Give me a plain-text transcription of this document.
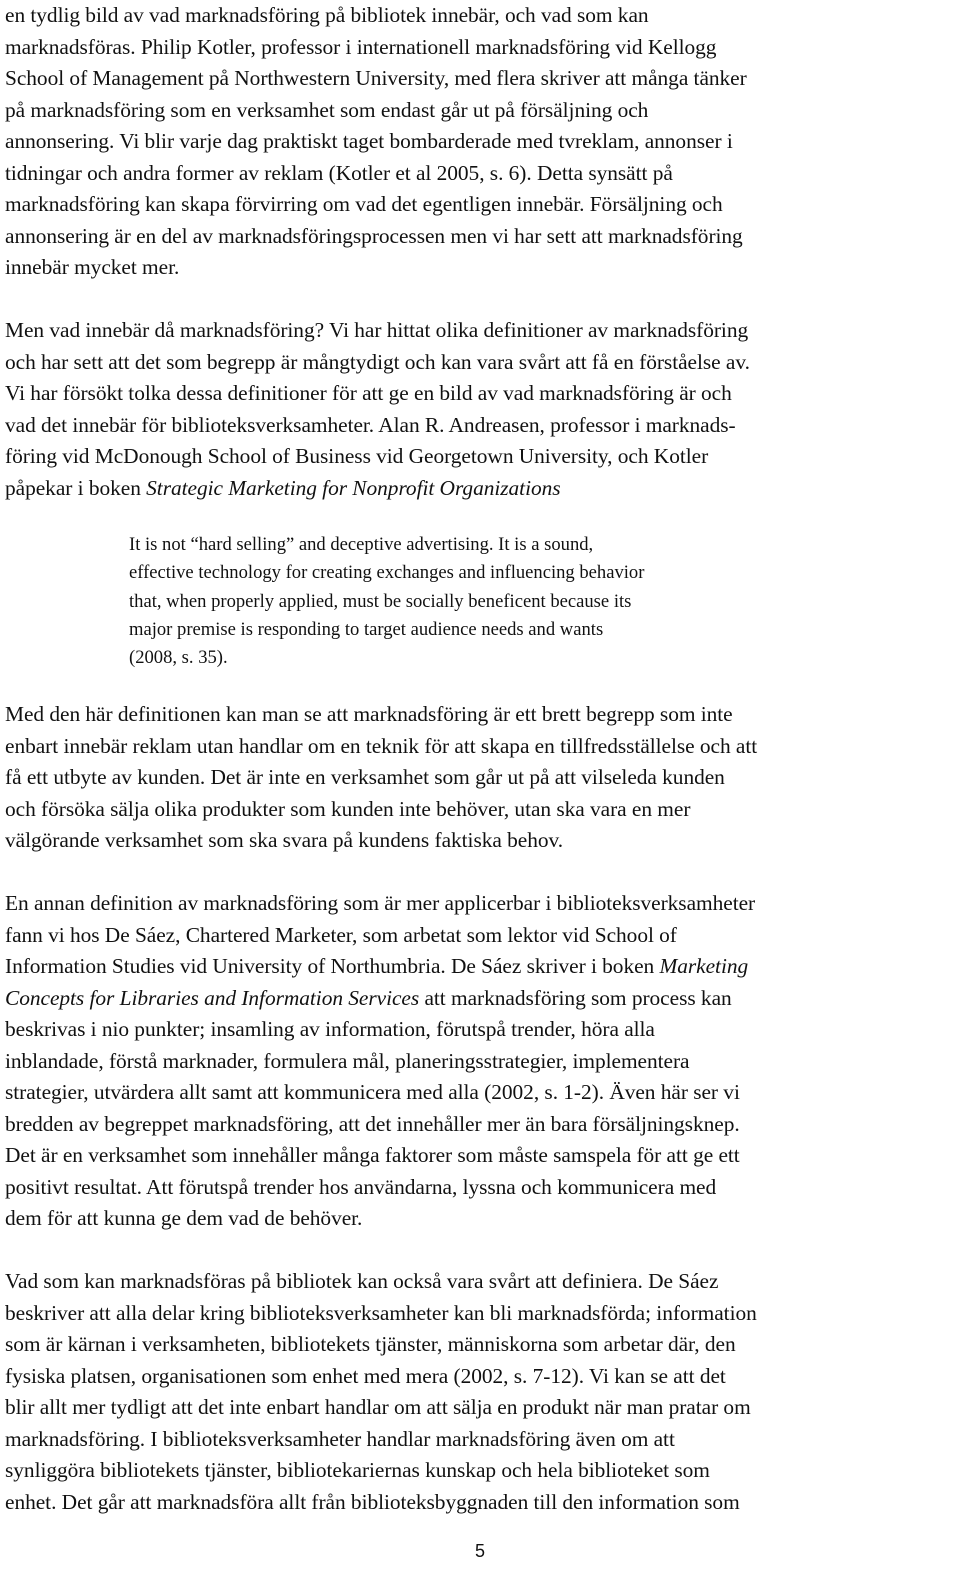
en tydlig bild av vad marknadsföring på bibliotek innebär, och vad som kan
marknadsföras. Philip Kotler, professor i internationell marknadsföring vid Kellogg
School of Management på Northwestern University, med flera skriver att många tänker
på marknadsföring som en verksamhet som endast går ut på försäljning och
annonsering. Vi blir varje dag praktiskt taget bombarderade med tvreklam, annonser i
tidningar och andra former av reklam (Kotler et al 2005, s. 6). Detta synsätt på
marknadsföring kan skapa förvirring om vad det egentligen innebär. Försäljning och
annonsering är en del av marknadsföringsprocessen men vi har sett att marknadsföring
innebär mycket mer.

Men vad innebär då marknadsföring? Vi har hittat olika definitioner av marknadsföring
och har sett att det som begrepp är mångtydigt och kan vara svårt att få en förståelse av.
Vi har försökt tolka dessa definitioner för att ge en bild av vad marknadsföring är och
vad det innebär för biblioteksverksamheter. Alan R. Andreasen, professor i marknads-
föring vid McDonough School of Business vid Georgetown University, och Kotler
påpekar i boken Strategic Marketing for Nonprofit Organizations

It is not “hard selling” and deceptive advertising. It is a sound,
effective technology for creating exchanges and influencing behavior
that, when properly applied, must be socially beneficent because its
major premise is responding to target audience needs and wants
(2008, s. 35).

Med den här definitionen kan man se att marknadsföring är ett brett begrepp som inte
enbart innebär reklam utan handlar om en teknik för att skapa en tillfredsställelse och att
få ett utbyte av kunden. Det är inte en verksamhet som går ut på att vilseleda kunden
och försöka sälja olika produkter som kunden inte behöver, utan ska vara en mer
välgörande verksamhet som ska svara på kundens faktiska behov.

En annan definition av marknadsföring som är mer applicerbar i biblioteksverksamheter
fann vi hos De Sáez, Chartered Marketer, som arbetat som lektor vid School of
Information Studies vid University of Northumbria. De Sáez skriver i boken Marketing
Concepts for Libraries and Information Services att marknadsföring som process kan
beskrivas i nio punkter; insamling av information, förutspå trender, höra alla
inblandade, förstå marknader, formulera mål, planeringsstrategier, implementera
strategier, utvärdera allt samt att kommunicera med alla (2002, s. 1-2). Även här ser vi
bredden av begreppet marknadsföring, att det innehåller mer än bara försäljningsknep.
Det är en verksamhet som innehåller många faktorer som måste samspela för att ge ett
positivt resultat. Att förutspå trender hos användarna, lyssna och kommunicera med
dem för att kunna ge dem vad de behöver.

Vad som kan marknadsföras på bibliotek kan också vara svårt att definiera. De Sáez
beskriver att alla delar kring biblioteksverksamheter kan bli marknadsförda; information
som är kärnan i verksamheten, bibliotekets tjänster, människorna som arbetar där, den
fysiska platsen, organisationen som enhet med mera (2002, s. 7-12). Vi kan se att det
blir allt mer tydligt att det inte enbart handlar om att sälja en produkt när man pratar om
marknadsföring. I biblioteksverksamheter handlar marknadsföring även om att
synliggöra bibliotekets tjänster, bibliotekariernas kunskap och hela biblioteket som
enhet. Det går att marknadsföra allt från biblioteksbyggnaden till den information som

5
